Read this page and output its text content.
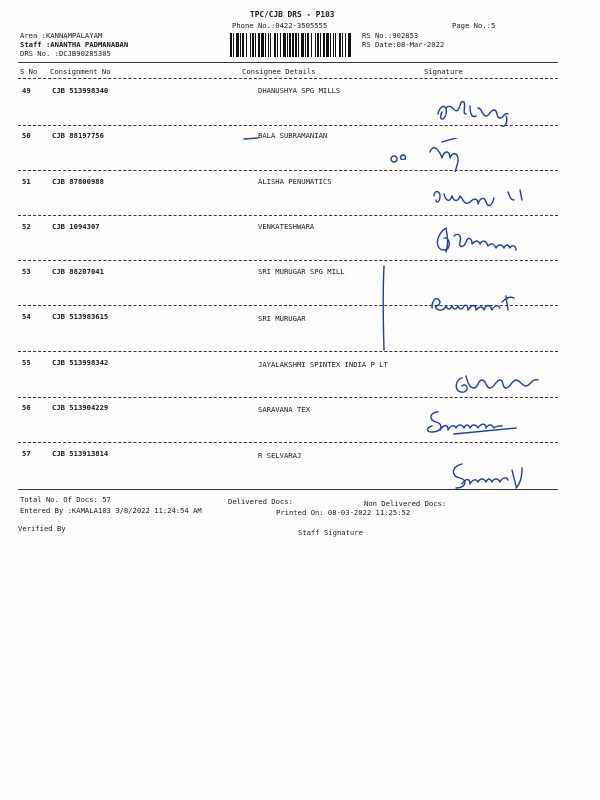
TPC/CJB DRS - P103
Phone No.:0422-3505555	Page No.:5
Area :KANNAMPALAYAM
Staff :ANANTHA PADMANABAN
DRS No. :DCJB90285305
RS No.:902853
RS Date:08-Mar-2022
S No Consignment No	Consignee Details	Signature
49	CJB 513998340	DHANUSHYA SPG MILLS
50	CJB 88197756	BALA SUBRAMANIAN
51	CJB 87800988	ALISHA PENUMATICS
52	CJB 1094307	VENKATESHWARA
53	CJB 88207041	SRI MURUGAR SPG MILL
54	CJB 513983615	SRI MURUGAR
55	CJB 513998342	JAYALAKSHMI SPINTEX INDIA P LT
56	CJB 513904229	SARAVANA TEX
57	CJB 513913814	R SELVARAJ
Total No. Of Docs: 57	Delivered Docs:	Non Delivered Docs:
Entered By :KAMALA103 3/8/2022 11:24:54 AM	Printed On: 08-03-2022 11:25:52
Verified By	Staff Signature
